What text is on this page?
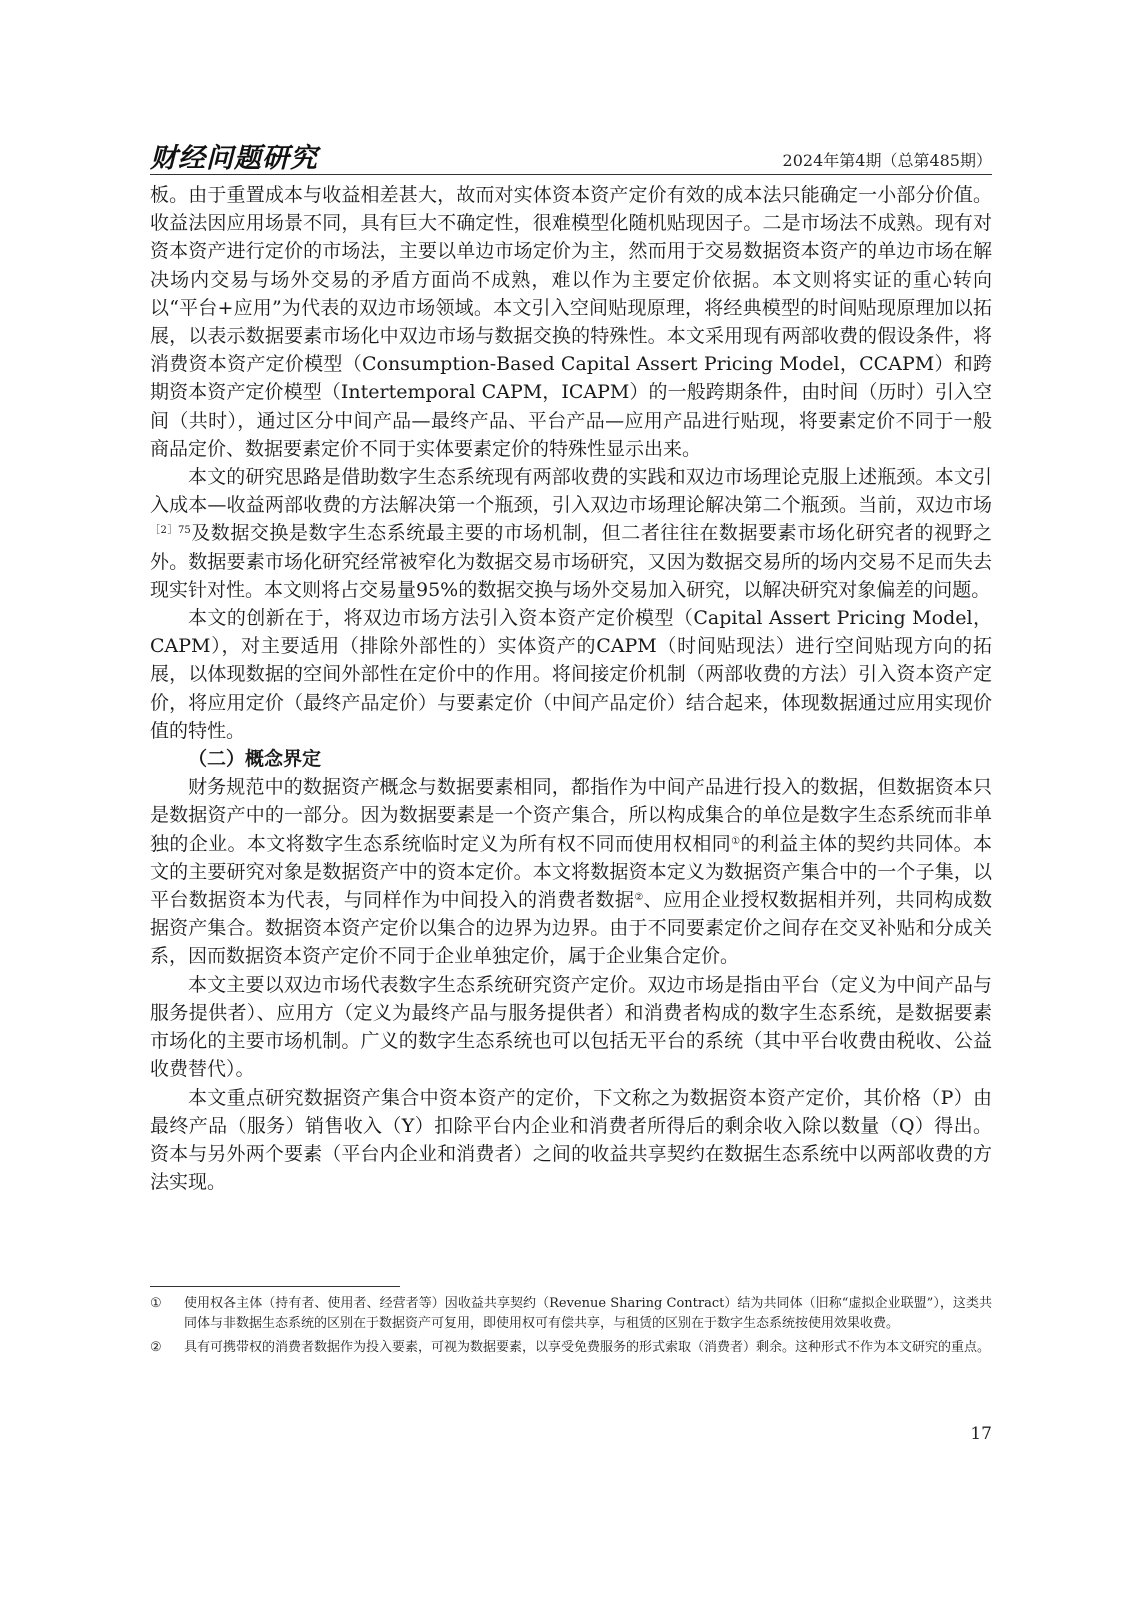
财经问题研究	2024年第4期（总第485期）

板。由于重置成本与收益相差甚大，故而对实体资本资产定价有效的成本法只能确定一小部分价值。收益法因应用场景不同，具有巨大不确定性，很难模型化随机贴现因子。二是市场法不成熟。现有对资本资产进行定价的市场法，主要以单边市场定价为主，然而用于交易数据资本资产的单边市场在解决场内交易与场外交易的矛盾方面尚不成熟，难以作为主要定价依据。本文则将实证的重心转向以“平台+应用”为代表的双边市场领域。本文引入空间贴现原理，将经典模型的时间贴现原理加以拓展，以表示数据要素市场化中双边市场与数据交换的特殊性。本文采用现有两部收费的假设条件，将消费资本资产定价模型（Consumption-Based Capital Assert Pricing Model，CCAPM）和跨期资本资产定价模型（Intertemporal CAPM，ICAPM）的一般跨期条件，由时间（历时）引入空间（共时），通过区分中间产品—最终产品、平台产品—应用产品进行贴现，将要素定价不同于一般商品定价、数据要素定价不同于实体要素定价的特殊性显示出来。

本文的研究思路是借助数字生态系统现有两部收费的实践和双边市场理论克服上述瓶颈。本文引入成本—收益两部收费的方法解决第一个瓶颈，引入双边市场理论解决第二个瓶颈。当前，双边市场$^{[2]75}$及数据交换是数字生态系统最主要的市场机制，但二者往往在数据要素市场化研究者的视野之外。数据要素市场化研究经常被窄化为数据交易市场研究，又因为数据交易所的场内交易不足而失去现实针对性。本文则将占交易量95%的数据交换与场外交易加入研究，以解决研究对象偏差的问题。

本文的创新在于，将双边市场方法引入资本资产定价模型（Capital Assert Pricing Model，CAPM），对主要适用（排除外部性的）实体资产的CAPM（时间贴现法）进行空间贴现方向的拓展，以体现数据的空间外部性在定价中的作用。将间接定价机制（两部收费的方法）引入资本资产定价，将应用定价（最终产品定价）与要素定价（中间产品定价）结合起来，体现数据通过应用实现价值的特性。

（二）概念界定

财务规范中的数据资产概念与数据要素相同，都指作为中间产品进行投入的数据，但数据资本只是数据资产中的一部分。因为数据要素是一个资产集合，所以构成集合的单位是数字生态系统而非单独的企业。本文将数字生态系统临时定义为所有权不同而使用权相同①的利益主体的契约共同体。本文的主要研究对象是数据资产中的资本定价。本文将数据资本定义为数据资产集合中的一个子集，以平台数据资本为代表，与同样作为中间投入的消费者数据②、应用企业授权数据相并列，共同构成数据资产集合。数据资本资产定价以集合的边界为边界。由于不同要素定价之间存在交叉补贴和分成关系，因而数据资本资产定价不同于企业单独定价，属于企业集合定价。

本文主要以双边市场代表数字生态系统研究资产定价。双边市场是指由平台（定义为中间产品与服务提供者）、应用方（定义为最终产品与服务提供者）和消费者构成的数字生态系统，是数据要素市场化的主要市场机制。广义的数字生态系统也可以包括无平台的系统（其中平台收费由税收、公益收费替代）。

本文重点研究数据资产集合中资本资产的定价，下文称之为数据资本资产定价，其价格（P）由最终产品（服务）销售收入（Y）扣除平台内企业和消费者所得后的剩余收入除以数量（Q）得出。资本与另外两个要素（平台内企业和消费者）之间的收益共享契约在数据生态系统中以两部收费的方法实现。

① 使用权各主体（持有者、使用者、经营者等）因收益共享契约（Revenue Sharing Contract）结为共同体（旧称“虚拟企业联盟”），这类共同体与非数据生态系统的区别在于数据资产可复用，即使用权可有偿共享，与租赁的区别在于数字生态系统按使用效果收费。
② 具有可携带权的消费者数据作为投入要素，可视为数据要素，以享受免费服务的形式索取（消费者）剩余。这种形式不作为本文研究的重点。
17
